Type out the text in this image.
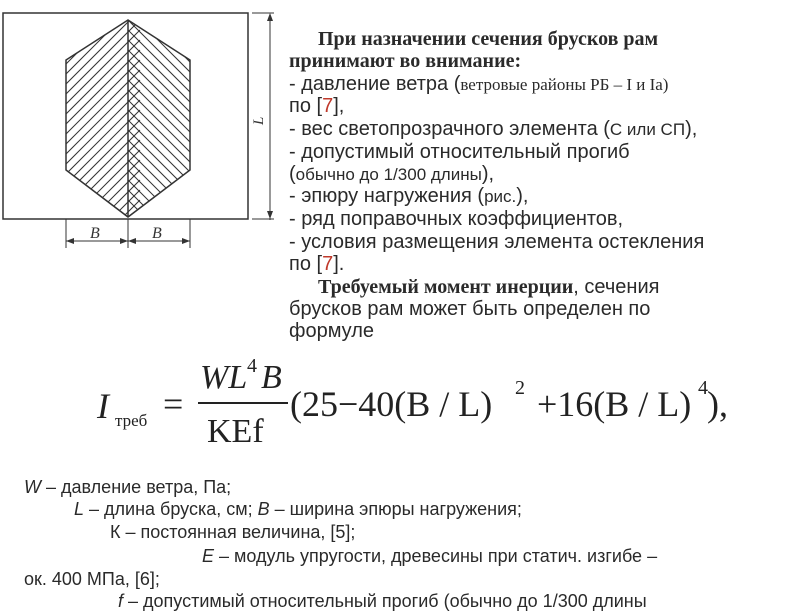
L
B	B
При назначении сечения брусков рам
принимают во внимание:
- давление ветра (ветровые районы РБ – I и Ia)
по [7],
- вес светопрозрачного элемента (С или СП),
- допустимый относительный прогиб
(обычно до 1/300 длины),
- эпюру нагружения (рис.),
- ряд поправочных коэффициентов,
- условия размещения элемента остекления
по [7].
Требуемый момент инерции, сечения
брусков рам может быть определен по
формуле
I треб =
WL 4 B
KEf
(25−40(B / L) 2 +16(B / L) 4 ),
W – давление ветра, Па;
L – длина бруска, см; B – ширина эпюры нагружения;
К – постоянная величина, [5];
Е – модуль упругости, древесины при статич. изгибе –
ок. 400 МПа, [6];
f – допустимый относительный прогиб (обычно до 1/300 длины
